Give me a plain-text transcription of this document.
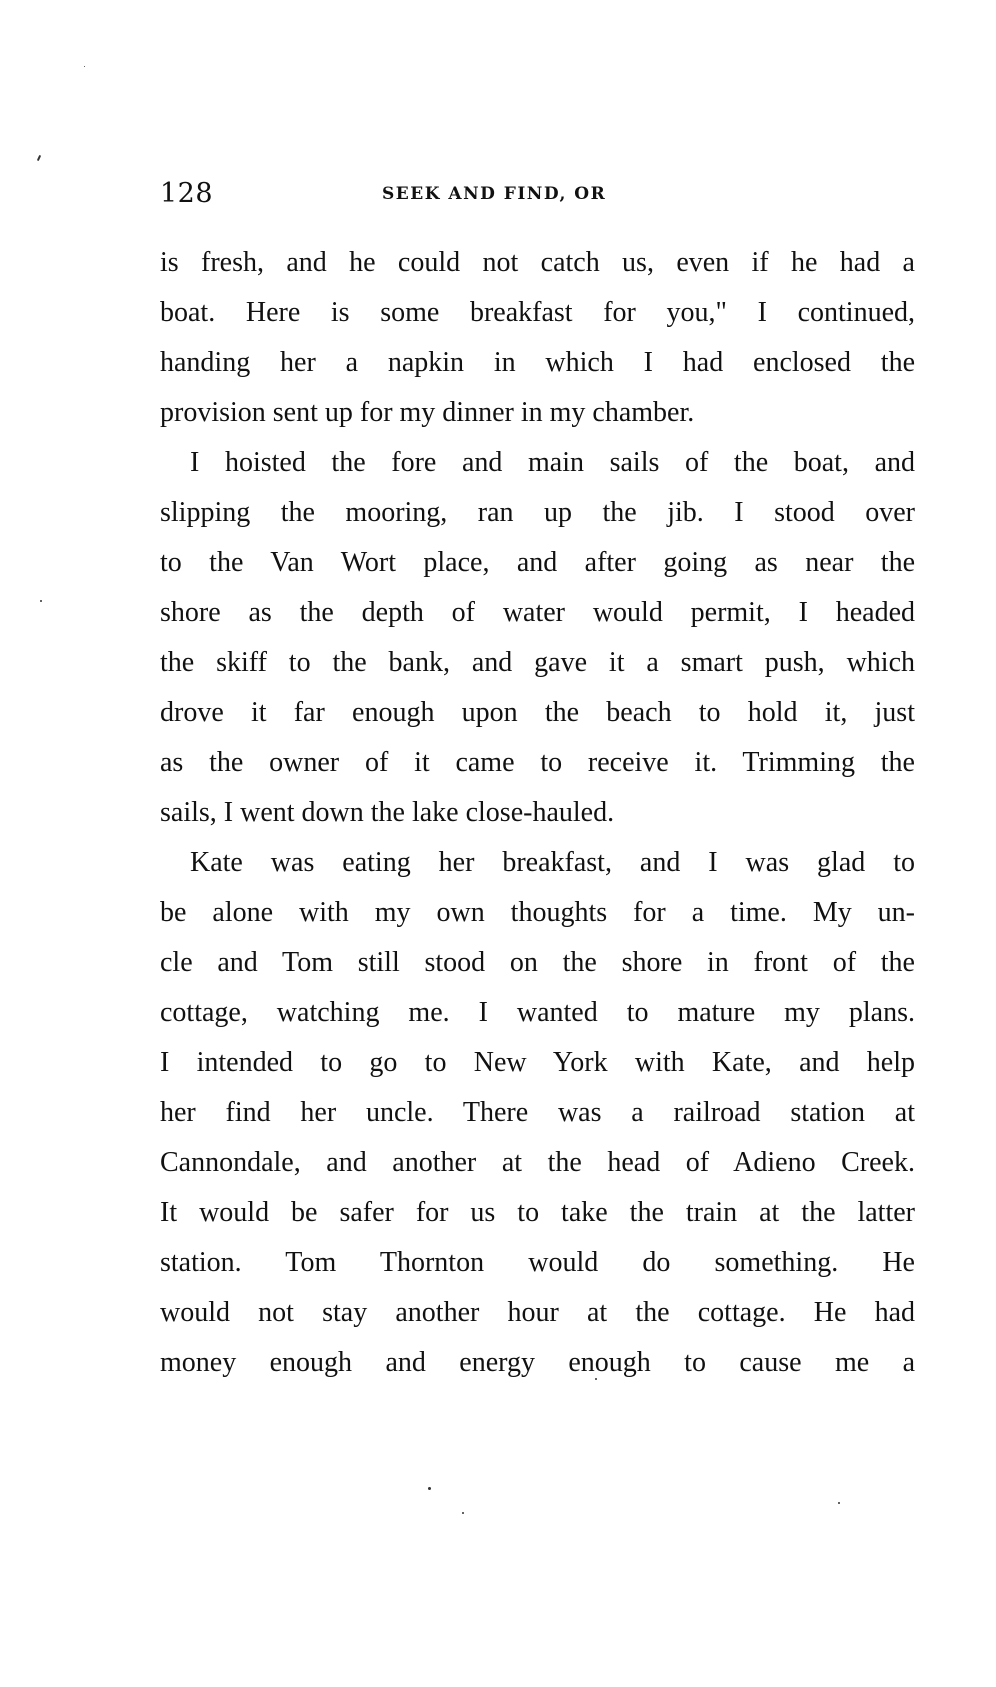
128	SEEK AND FIND, OR
is fresh, and he could not catch us, even if he had a
boat. Here is some breakfast for you," I continued,
handing her a napkin in which I had enclosed the
provision sent up for my dinner in my chamber.
I hoisted the fore and main sails of the boat, and
slipping the mooring, ran up the jib. I stood over
to the Van Wort place, and after going as near the
shore as the depth of water would permit, I headed
the skiff to the bank, and gave it a smart push, which
drove it far enough upon the beach to hold it, just
as the owner of it came to receive it. Trimming the
sails, I went down the lake close-hauled.
Kate was eating her breakfast, and I was glad to
be alone with my own thoughts for a time. My un-
cle and Tom still stood on the shore in front of the
cottage, watching me. I wanted to mature my plans.
I intended to go to New York with Kate, and help
her find her uncle. There was a railroad station at
Cannondale, and another at the head of Adieno Creek.
It would be safer for us to take the train at the latter
station. Tom Thornton would do something. He
would not stay another hour at the cottage. He had
money enough and energy enough to cause me a
